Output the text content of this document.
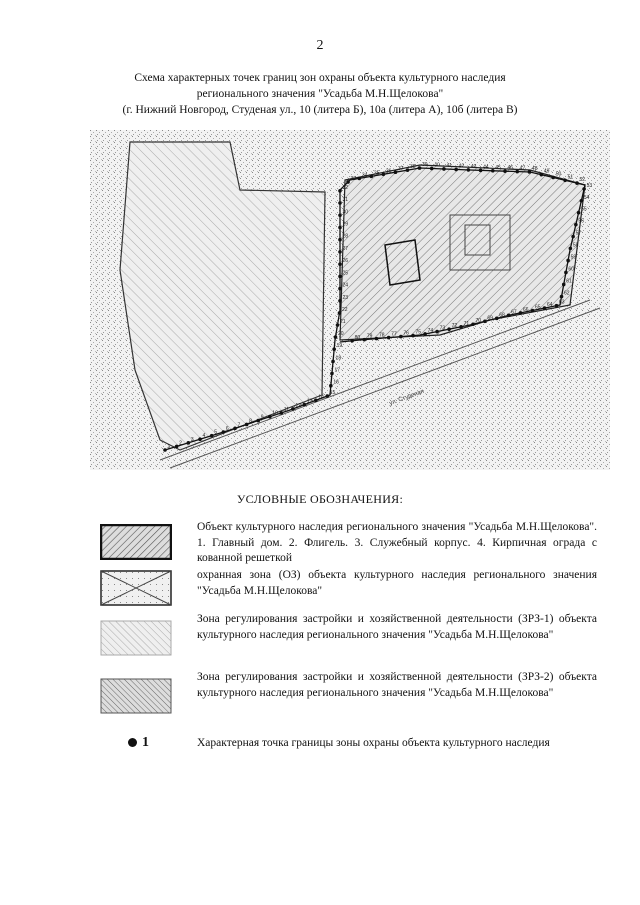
2
Схема характерных точек границ зон охраны объекта культурного наследия
регионального значения "Усадьба М.Н.Щелокова"
(г. Нижний Новгород, Студеная ул., 10 (литера Б), 10а (литера А), 10б (литера В)
ул. Студеная
1
2
3
4
5
6
7
8
9
10
11
12
13
14
15
16
17
18
19
20
21
22
23
24
25
26
27
28
29
30
31
32
33
34 35 36 37 38 39 40 41 42 43 44 45 46 47 48 49 50 51 52
53
54
55
56
57
58
59
60
61
62
63
64
65
66
67
68
69
70
71
72
73
74
75
76
77
78
79
80
УСЛОВНЫЕ ОБОЗНАЧЕНИЯ:
Объект культурного наследия регионального значения "Усадьба М.Н.Щелокова". 1. Главный дом. 2. Флигель. 3. Служебный корпус. 4. Кирпичная ограда с кованной решеткой
охранная зона (ОЗ) объекта культурного наследия регионального значения "Усадьба М.Н.Щелокова"
Зона регулирования застройки и хозяйственной деятельности (ЗРЗ-1) объекта культурного наследия регионального значения "Усадьба М.Н.Щелокова"
Зона регулирования застройки и хозяйственной деятельности (ЗРЗ-2) объекта культурного наследия регионального значения "Усадьба М.Н.Щелокова"
1	Характерная точка границы зоны охраны объекта культурного наследия
